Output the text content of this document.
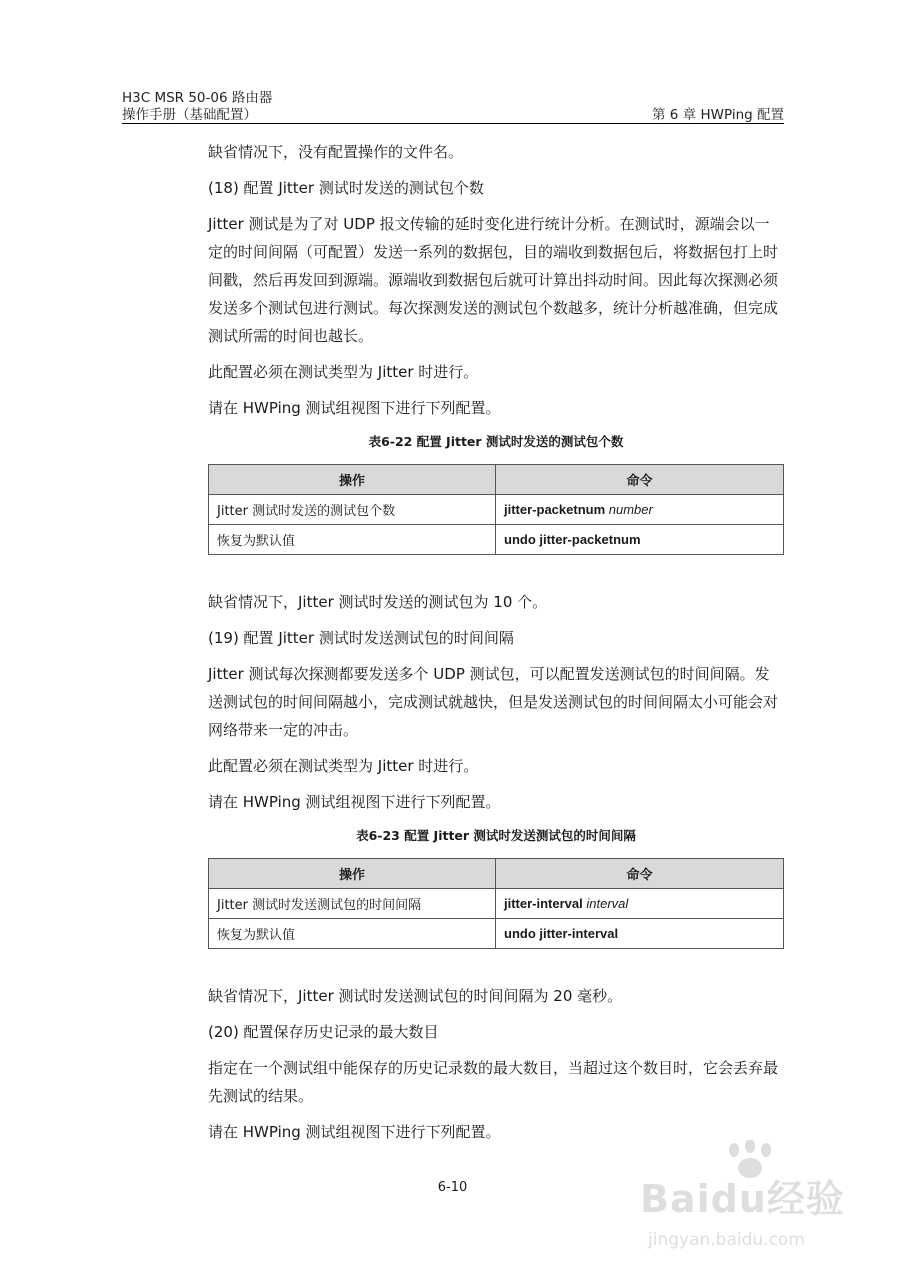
H3C MSR 50-06 路由器
操作手册（基础配置）	第 6 章 HWPing 配置

缺省情况下，没有配置操作的文件名。

(18) 配置 Jitter 测试时发送的测试包个数

Jitter 测试是为了对 UDP 报文传输的延时变化进行统计分析。在测试时，源端会以一定的时间间隔（可配置）发送一系列的数据包，目的端收到数据包后，将数据包打上时间戳，然后再发回到源端。源端收到数据包后就可计算出抖动时间。因此每次探测必须发送多个测试包进行测试。每次探测发送的测试包个数越多，统计分析越准确，但完成测试所需的时间也越长。

此配置必须在测试类型为 Jitter 时进行。

请在 HWPing 测试组视图下进行下列配置。

表6-22 配置 Jitter 测试时发送的测试包个数
操作	命令
Jitter 测试时发送的测试包个数	jitter-packetnum number
恢复为默认值	undo jitter-packetnum

缺省情况下，Jitter 测试时发送的测试包为 10 个。

(19) 配置 Jitter 测试时发送测试包的时间间隔

Jitter 测试每次探测都要发送多个 UDP 测试包，可以配置发送测试包的时间间隔。发送测试包的时间间隔越小，完成测试就越快，但是发送测试包的时间间隔太小可能会对网络带来一定的冲击。

此配置必须在测试类型为 Jitter 时进行。

请在 HWPing 测试组视图下进行下列配置。

表6-23 配置 Jitter 测试时发送测试包的时间间隔
操作	命令
Jitter 测试时发送测试包的时间间隔	jitter-interval interval
恢复为默认值	undo jitter-interval

缺省情况下，Jitter 测试时发送测试包的时间间隔为 20 毫秒。

(20) 配置保存历史记录的最大数目

指定在一个测试组中能保存的历史记录数的最大数目，当超过这个数目时，它会丢弃最先测试的结果。

请在 HWPing 测试组视图下进行下列配置。

6-10	Baidu经验
jingyan.baidu.com
